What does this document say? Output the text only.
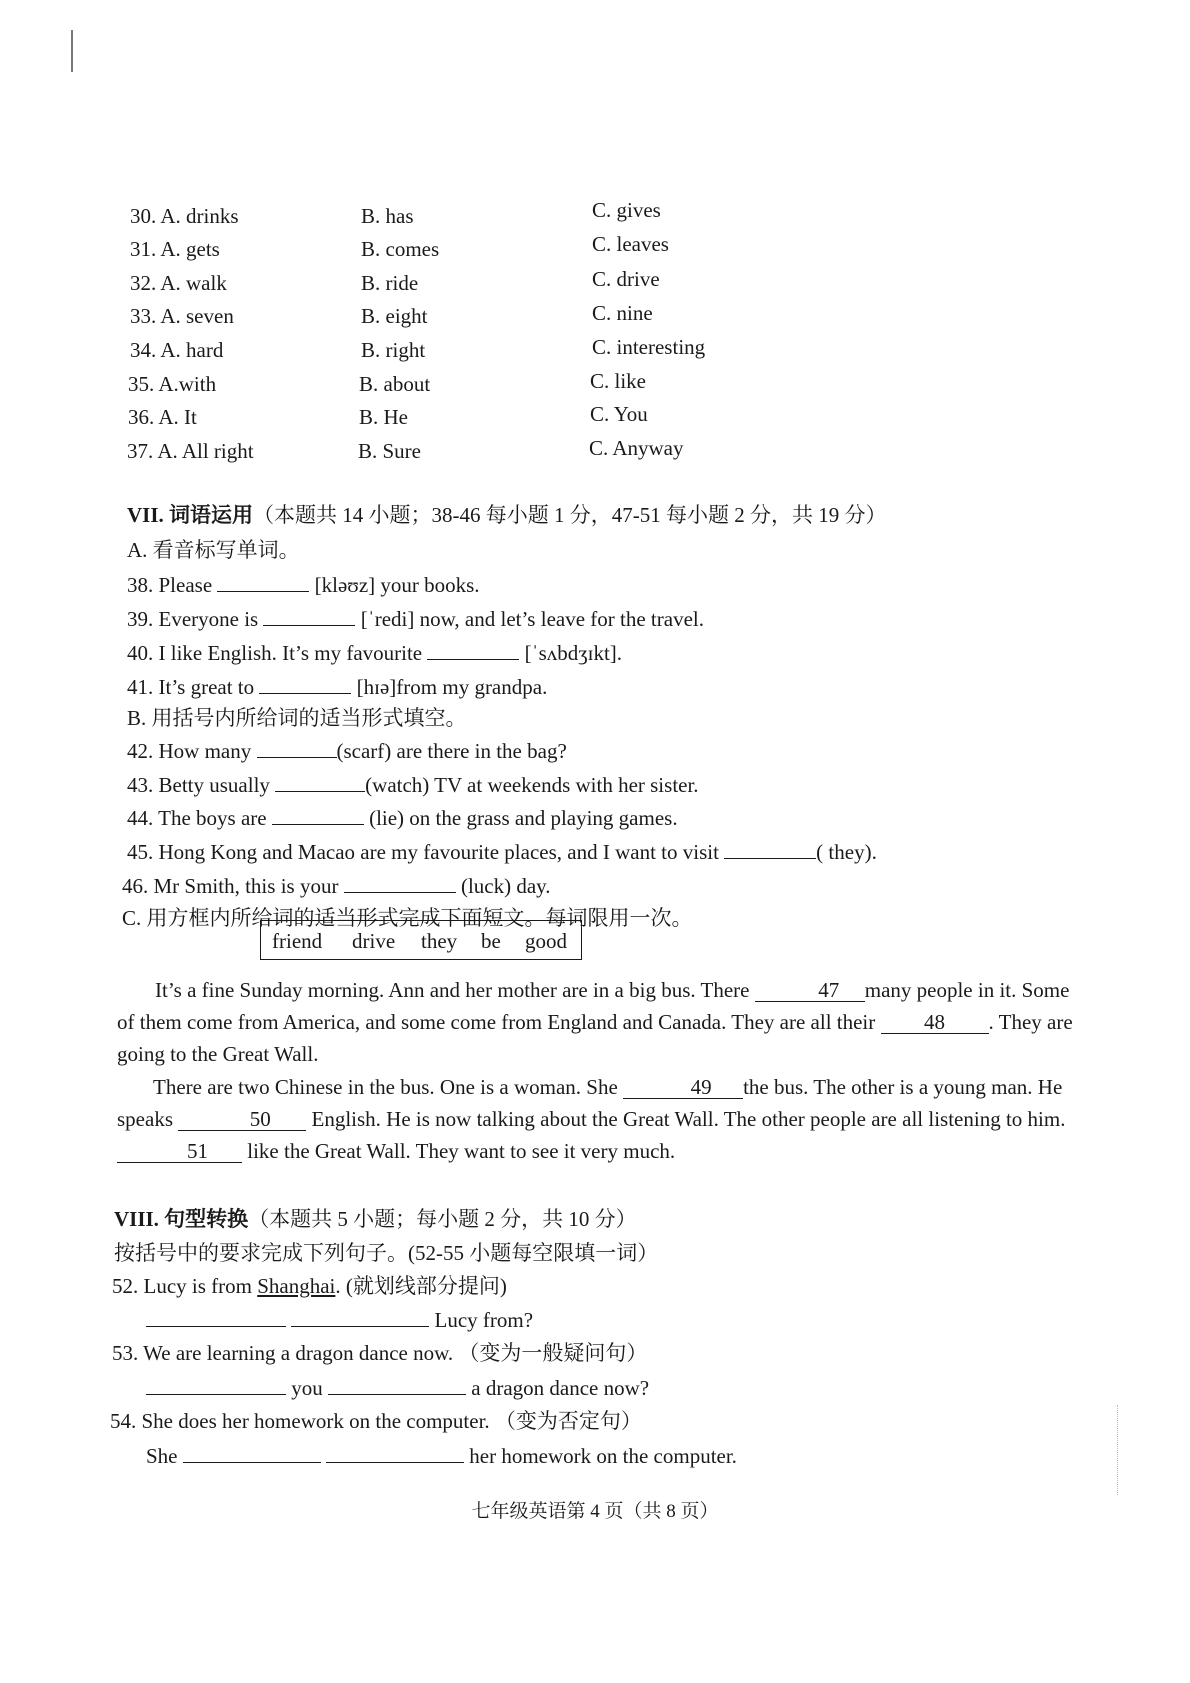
30. A. drinks	B. has	C. gives
31. A. gets	B. comes	C. leaves
32. A. walk	B. ride	C. drive
33. A. seven	B. eight	C. nine
34. A. hard	B. right	C. interesting
35. A.with	B. about	C. like
36. A. It	B. He	C. You
37. A. All right	B. Sure	C. Anyway
VII. 词语运用（本题共 14 小题；38-46 每小题 1 分，47-51 每小题 2 分，共 19 分）
A. 看音标写单词。
38. Please	[kləʊz] your books.
39. Everyone is	[ˈredi] now, and let’s leave for the travel.
40. I like English. It’s my favourite	[ˈsʌbdʒɪkt].
41. It’s great to	[hɪə]from my grandpa.
B. 用括号内所给词的适当形式填空。
42. How many	(scarf) are there in the bag?
43. Betty usually	(watch) TV at weekends with her sister.
44. The boys are	(lie) on the grass and playing games.
45. Hong Kong and Macao are my favourite places, and I want to visit	( they).
46. Mr Smith, this is your	(luck) day.
C. 用方框内所给词的适当形式完成下面短文。每词限用一次。
friend drive they be good
It’s a fine Sunday morning. Ann and her mother are in a big bus. There	47 many people in it. Some of them come from America, and some come from England and Canada. They are all their 48 . They are going to the Great Wall.
There are two Chinese in the bus. One is a woman. She	49 the bus. The other is a young man. He speaks	50 English. He is now talking about the Great Wall. The other people are all listening to him. 51 like the Great Wall. They want to see it very much.
VIII. 句型转换（本题共 5 小题；每小题 2 分，共 10 分）
按括号中的要求完成下列句子。(52-55 小题每空限填一词）
52. Lucy is from Shanghai. (就划线部分提问)
Lucy from?
53. We are learning a dragon dance now. （变为一般疑问句）
you	a dragon dance now?
54. She does her homework on the computer. （变为否定句）
She	her homework on the computer.
七年级英语第 4 页（共 8 页）
